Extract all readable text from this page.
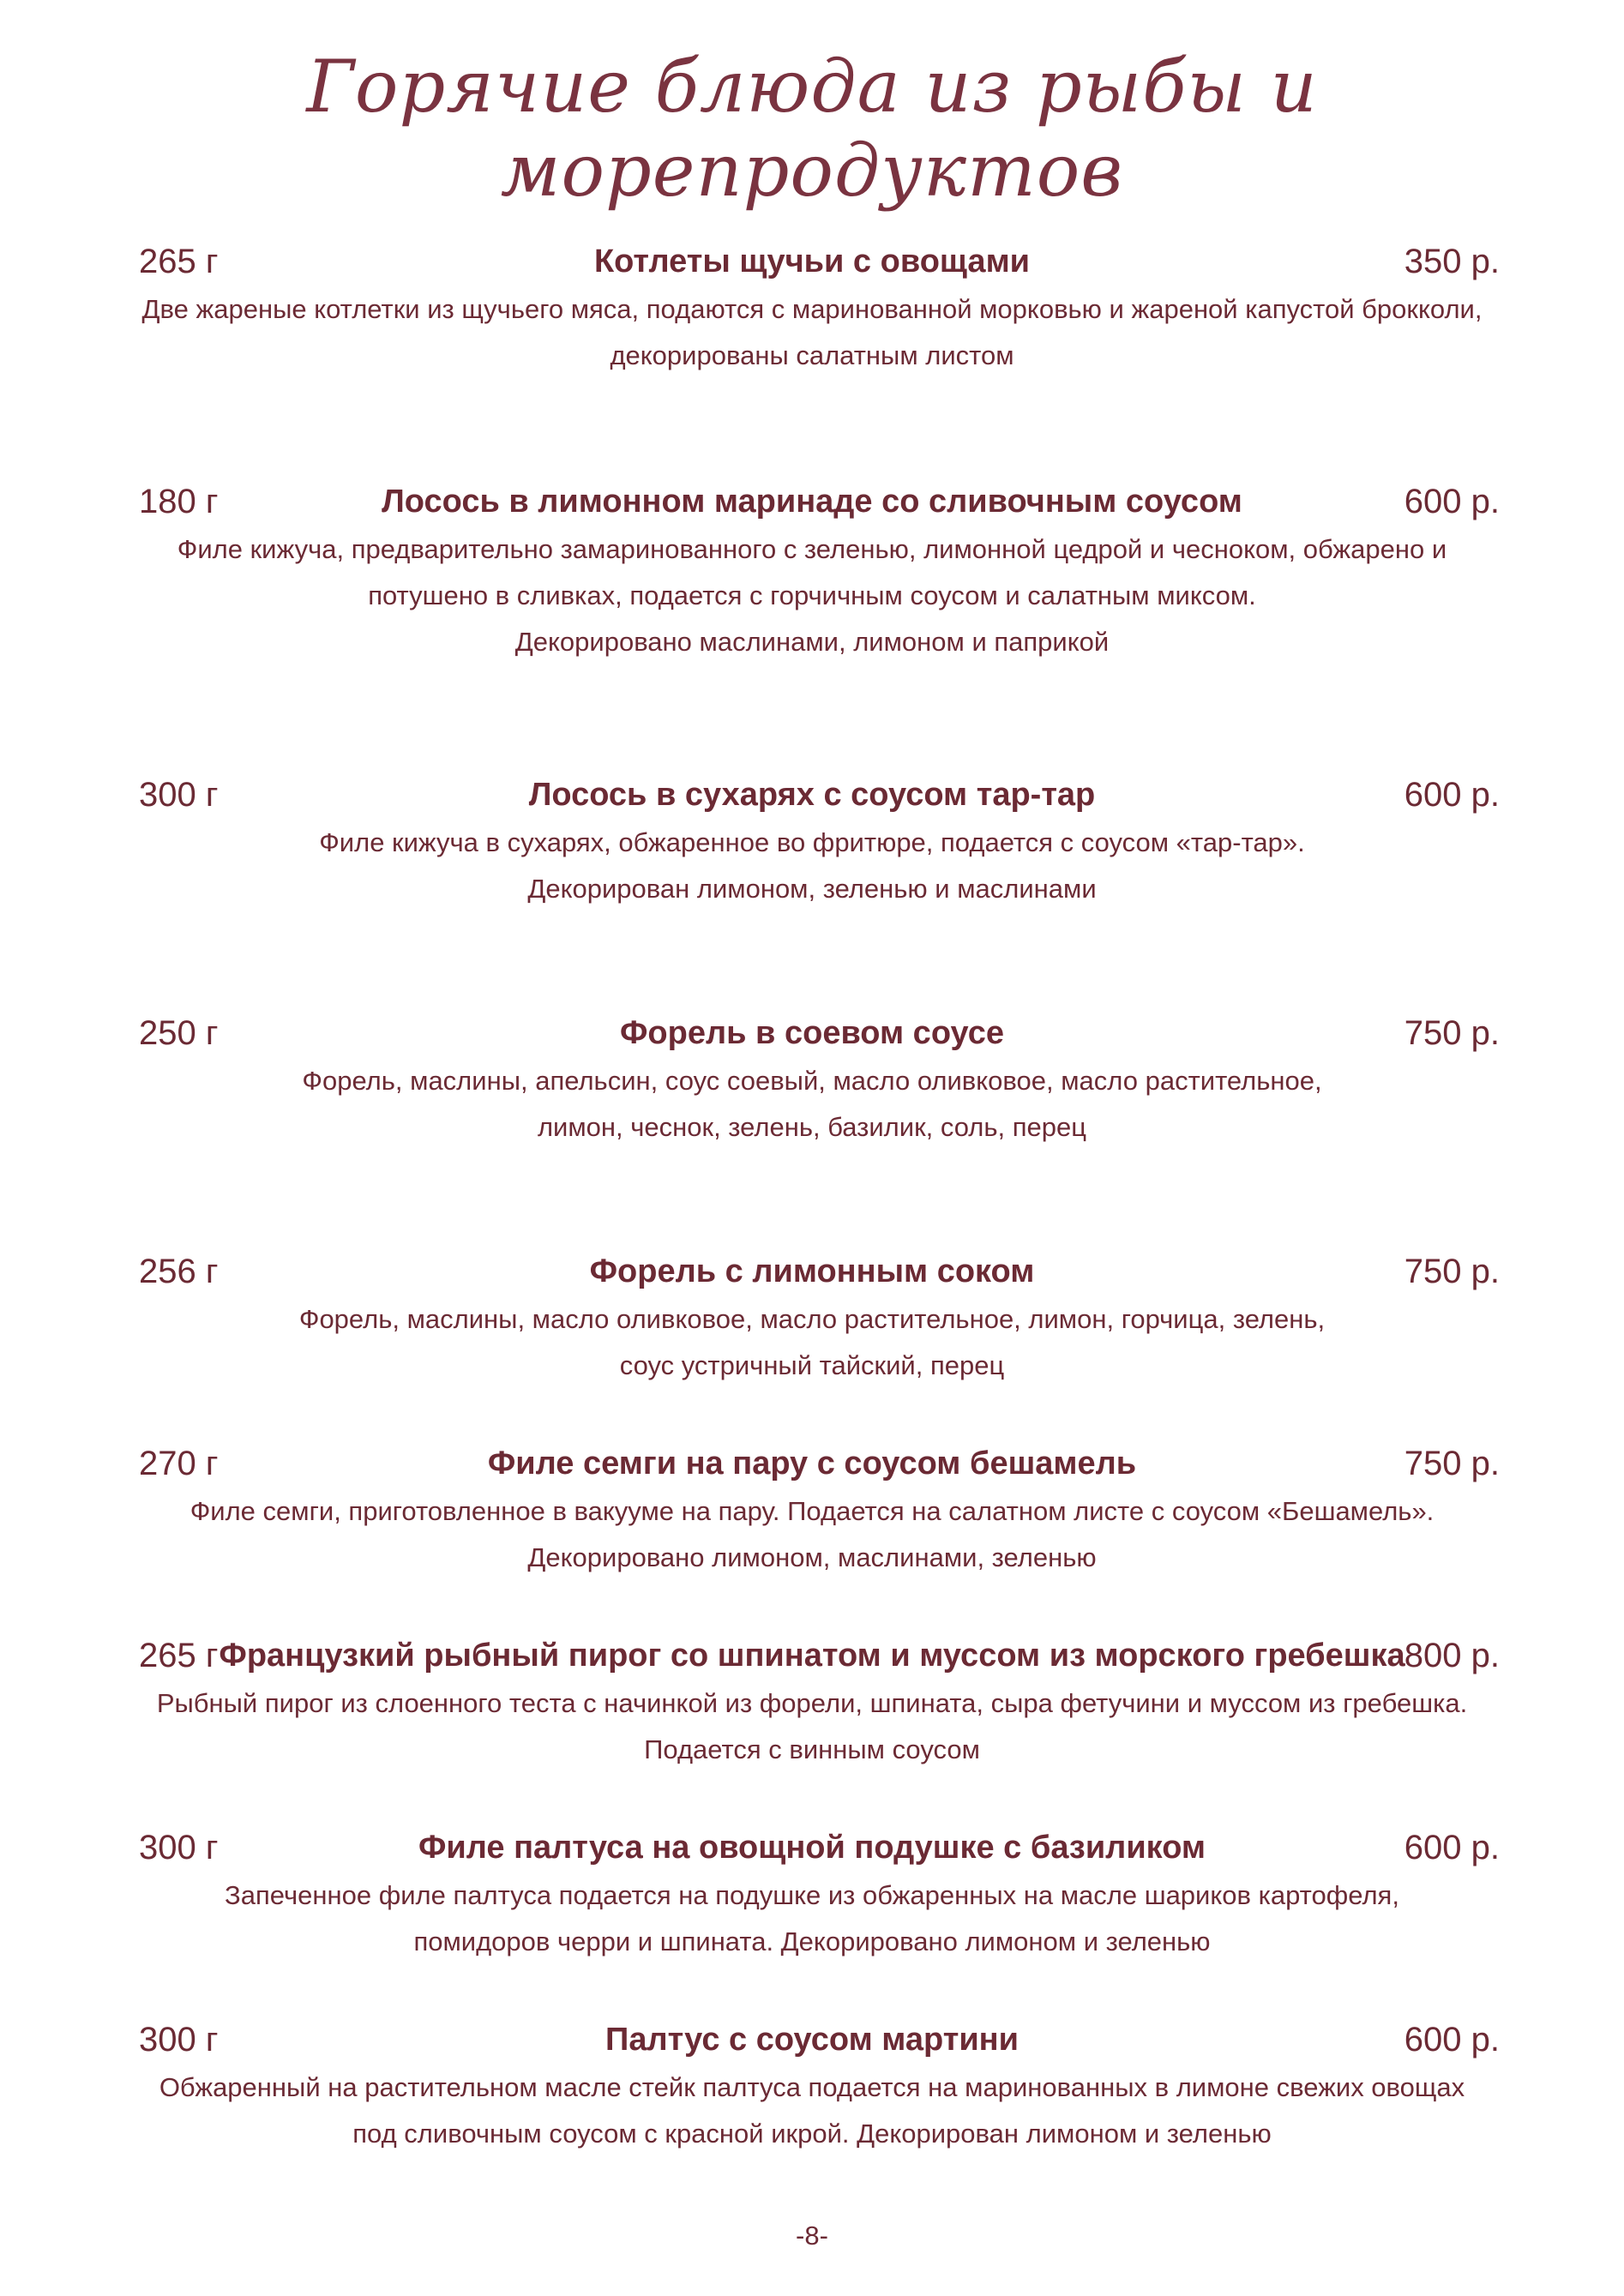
Горячие блюда из рыбы и морепродуктов
265 г	Котлеты щучьи с овощами	350 р.
Две жареные котлетки из щучьего мяса, подаются с маринованной морковью и жареной капустой брокколи,
декорированы салатным листом
180 г	Лосось в лимонном маринаде со сливочным соусом	600 р.
Филе кижуча, предварительно замаринованного с зеленью, лимонной цедрой и чесноком, обжарено и
потушено в сливках, подается с горчичным соусом и салатным миксом.
Декорировано маслинами, лимоном и паприкой
300 г	Лосось в сухарях с соусом тар-тар	600 р.
Филе кижуча в сухарях, обжаренное во фритюре, подается с соусом «тар-тар».
Декорирован лимоном, зеленью и маслинами
250 г	Форель в соевом соусе	750 р.
Форель, маслины, апельсин, соус соевый, масло оливковое, масло растительное,
лимон, чеснок, зелень, базилик, соль, перец
256 г	Форель с лимонным соком	750 р.
Форель, маслины, масло оливковое, масло растительное, лимон, горчица, зелень,
соус устричный тайский, перец
270 г	Филе семги на пару с соусом бешамель	750 р.
Филе семги, приготовленное в вакууме на пару. Подается на салатном листе с соусом «Бешамель».
Декорировано лимоном, маслинами, зеленью
265 г Французкий рыбный пирог со шпинатом и муссом из морского гребешка 800 р.
Рыбный пирог из слоенного теста с начинкой из форели, шпината, сыра фетучини и муссом из гребешка.
Подается с винным соусом
300 г	Филе палтуса на овощной подушке с базиликом	600 р.
Запеченное филе палтуса подается на подушке из обжаренных на масле шариков картофеля,
помидоров черри и шпината. Декорировано лимоном и зеленью
300 г	Палтус с соусом мартини	600 р.
Обжаренный на растительном масле стейк палтуса подается на маринованных в лимоне свежих овощах
под сливочным соусом с красной икрой. Декорирован лимоном и зеленью
-8-
